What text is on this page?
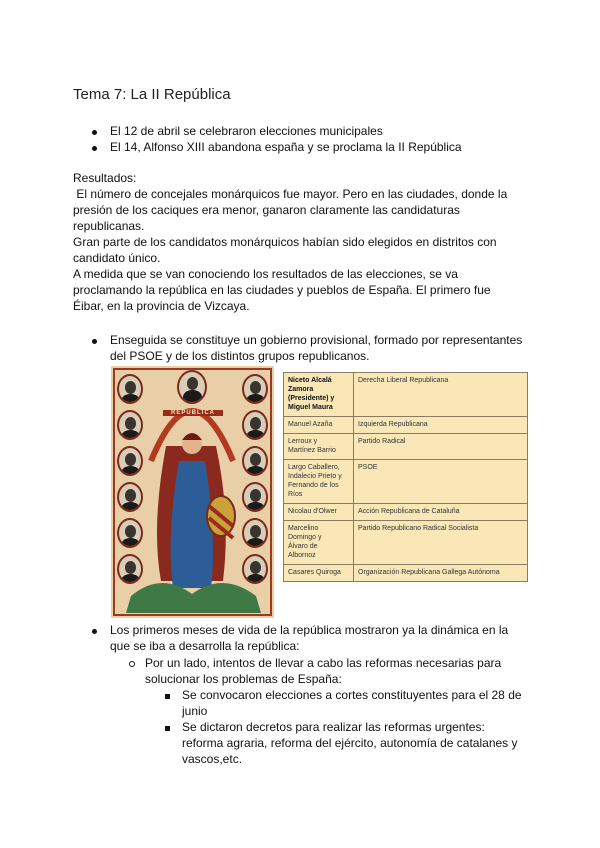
Tema 7: La II República
El 12 de abril se celebraron elecciones municipales
El 14, Alfonso XIII abandona españa y se proclama la II República
Resultados:
El número de concejales monárquicos fue mayor. Pero en las ciudades, donde la
presión de los caciques era menor, ganaron claramente las candidaturas
republicanas.
Gran parte de los candidatos monárquicos habían sido elegidos en distritos con
candidato único.
A medida que se van conociendo los resultados de las elecciones, se va
proclamando la república en las ciudades y pueblos de España. El primero fue
Éibar, en la provincia de Vizcaya.
Enseguida se constituye un gobierno provisional, formado por representantes
del PSOE y de los distintos grupos republicanos.
REPUBLICA
Niceto Alcalá
Zamora
(Presidente) y
Miguel Maura	Derecha Liberal Republicana

Manuel Azaña	Izquierda Republicana

Lerroux y
Martínez Barrio	Partido Radical

Largo Caballero,
Indalecio Prieto y
Fernando de los
Ríos	PSOE

Nicolau d'Olwer	Acción Republicana de Cataluña

Marcelino
Domingo y
Álvaro de
Albornoz	Partido Republicano Radical Socialista

Casares Quiroga	Organización Republicana Gallega Autónoma
Los primeros meses de vida de la república mostraron ya la dinámica en la
que se iba a desarrolla la república:
Por un lado, intentos de llevar a cabo las reformas necesarias para
solucionar los problemas de España:
Se convocaron elecciones a cortes constituyentes para el 28 de
junio
Se dictaron decretos para realizar las reformas urgentes:
reforma agraria, reforma del ejército, autonomía de catalanes y
vascos,etc.
